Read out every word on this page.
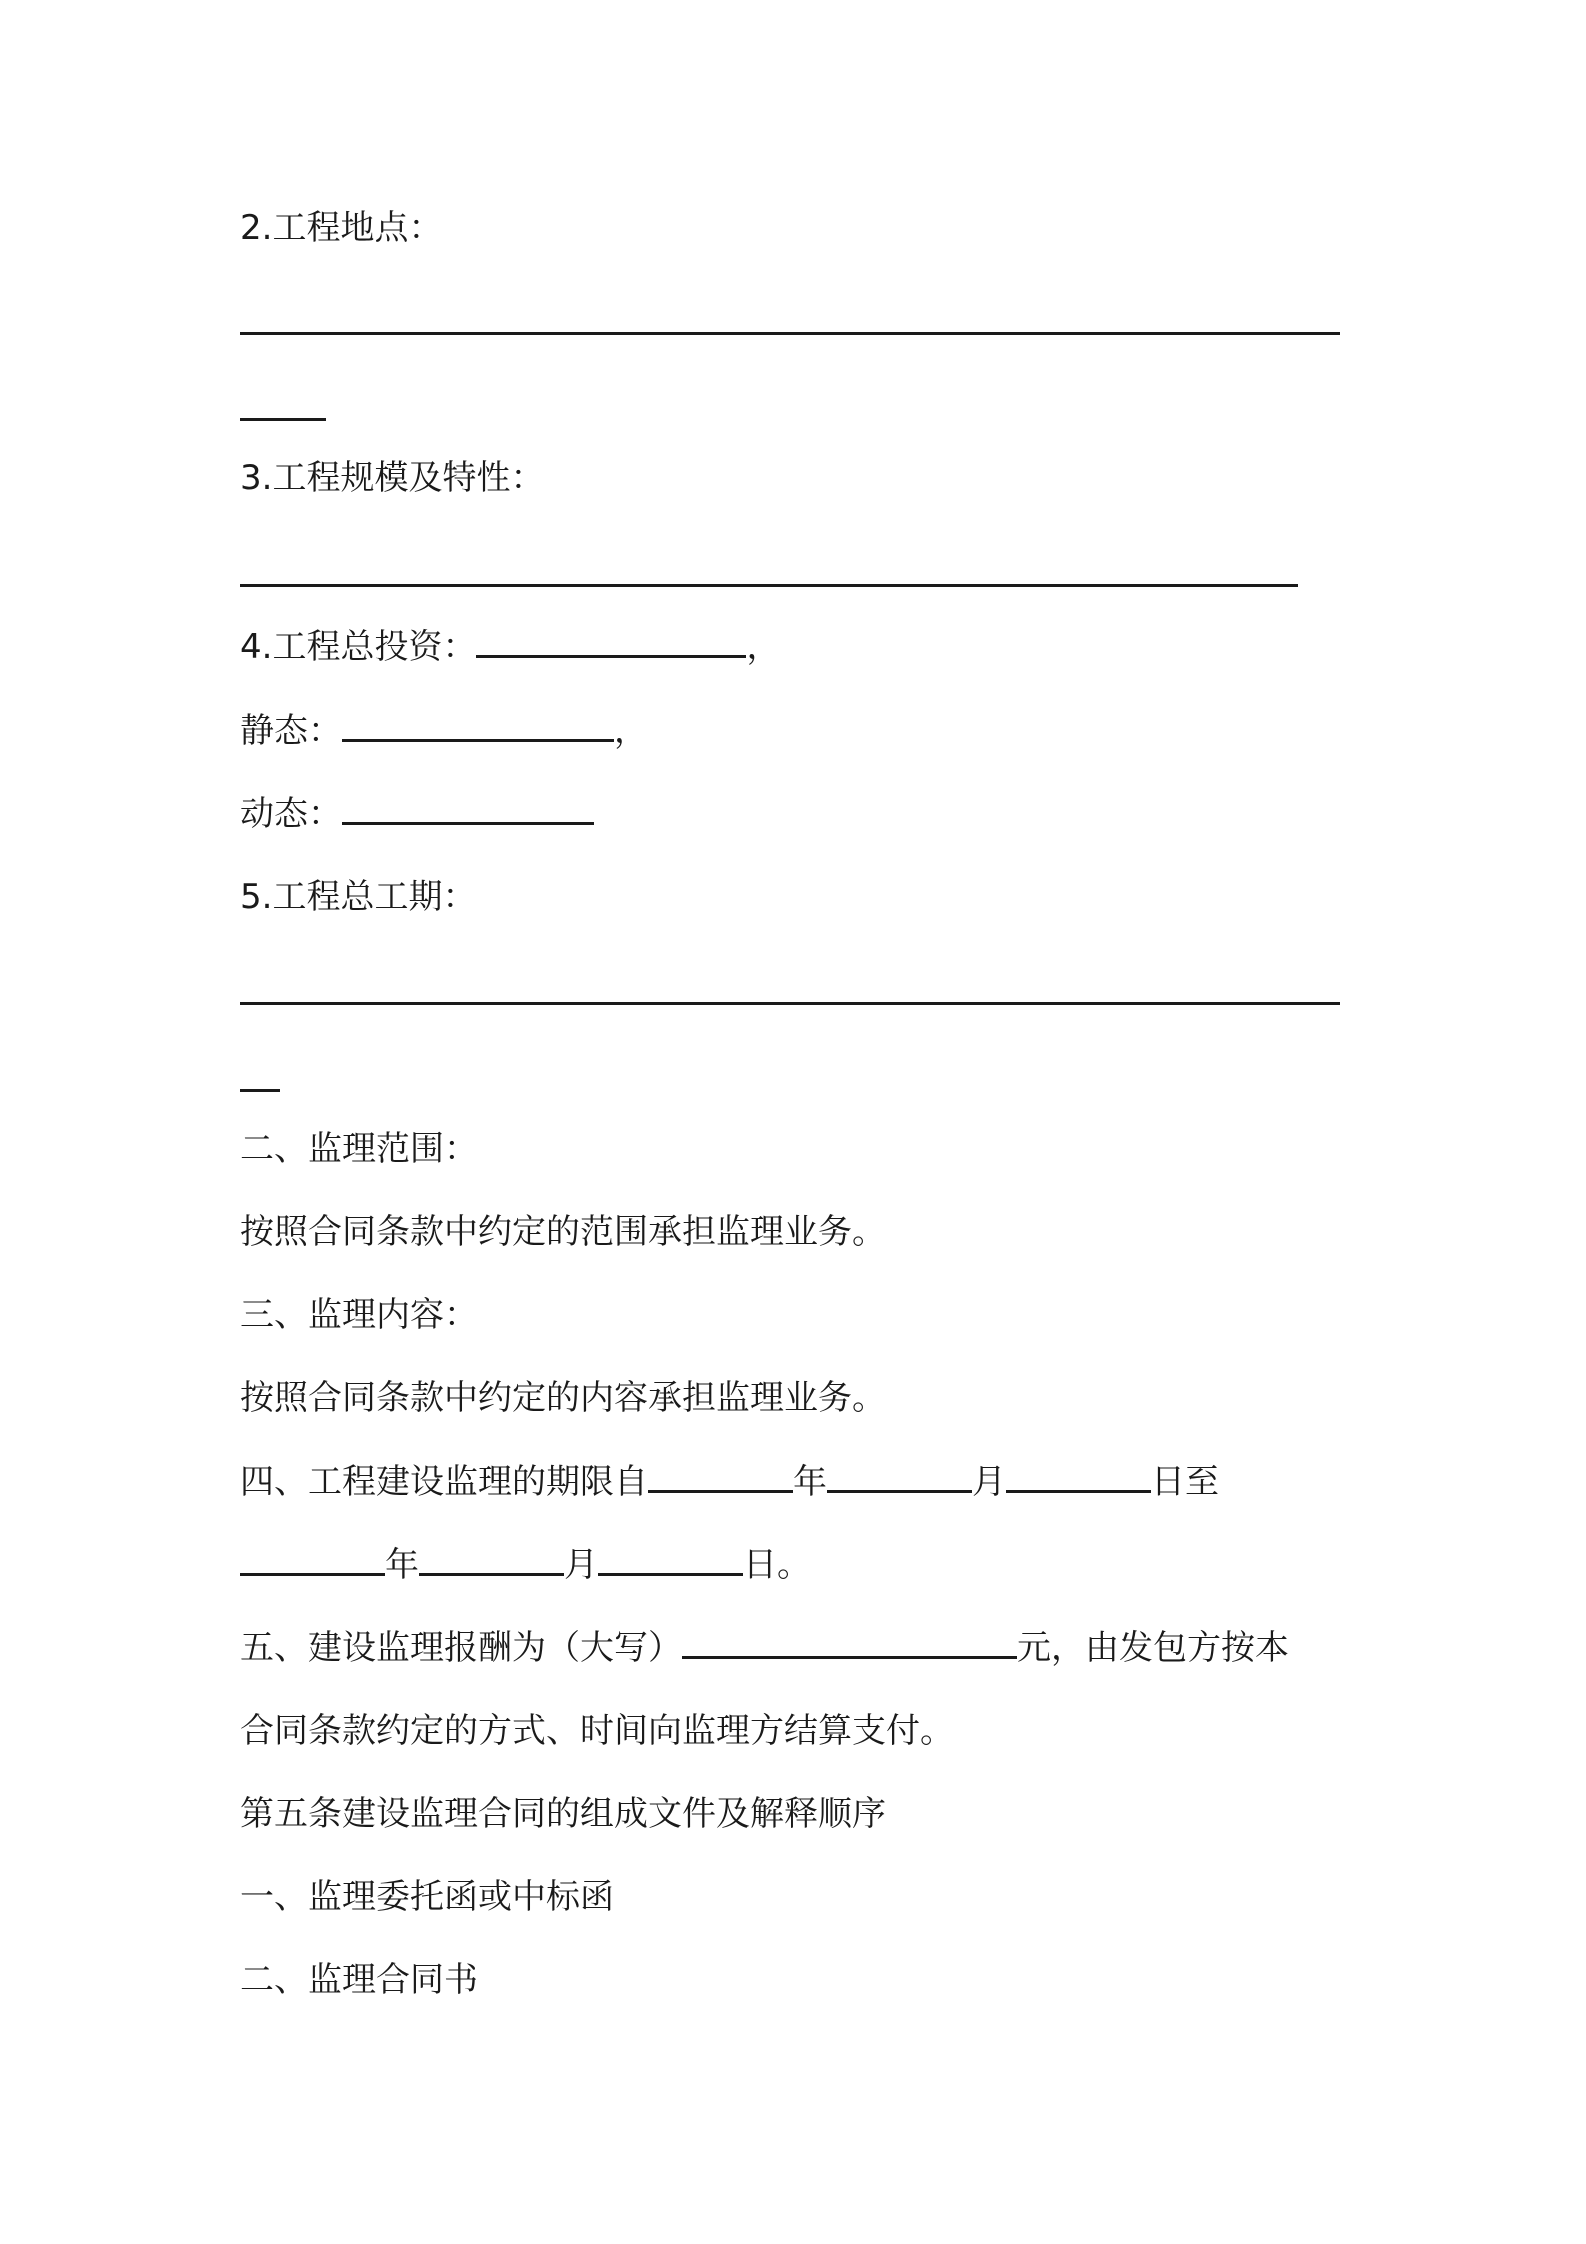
2.工程地点：

3.工程规模及特性：

4.工程总投资：	，

静态：	，

动态：

5.工程总工期：

二、监理范围：

按照合同条款中约定的范围承担监理业务。

三、监理内容：

按照合同条款中约定的内容承担监理业务。

四、工程建设监理的期限自	年	月	日至

年	月	日。

五、建设监理报酬为（大写）	元，由发包方按本

合同条款约定的方式、时间向监理方结算支付。

第五条建设监理合同的组成文件及解释顺序

一、监理委托函或中标函

二、监理合同书
